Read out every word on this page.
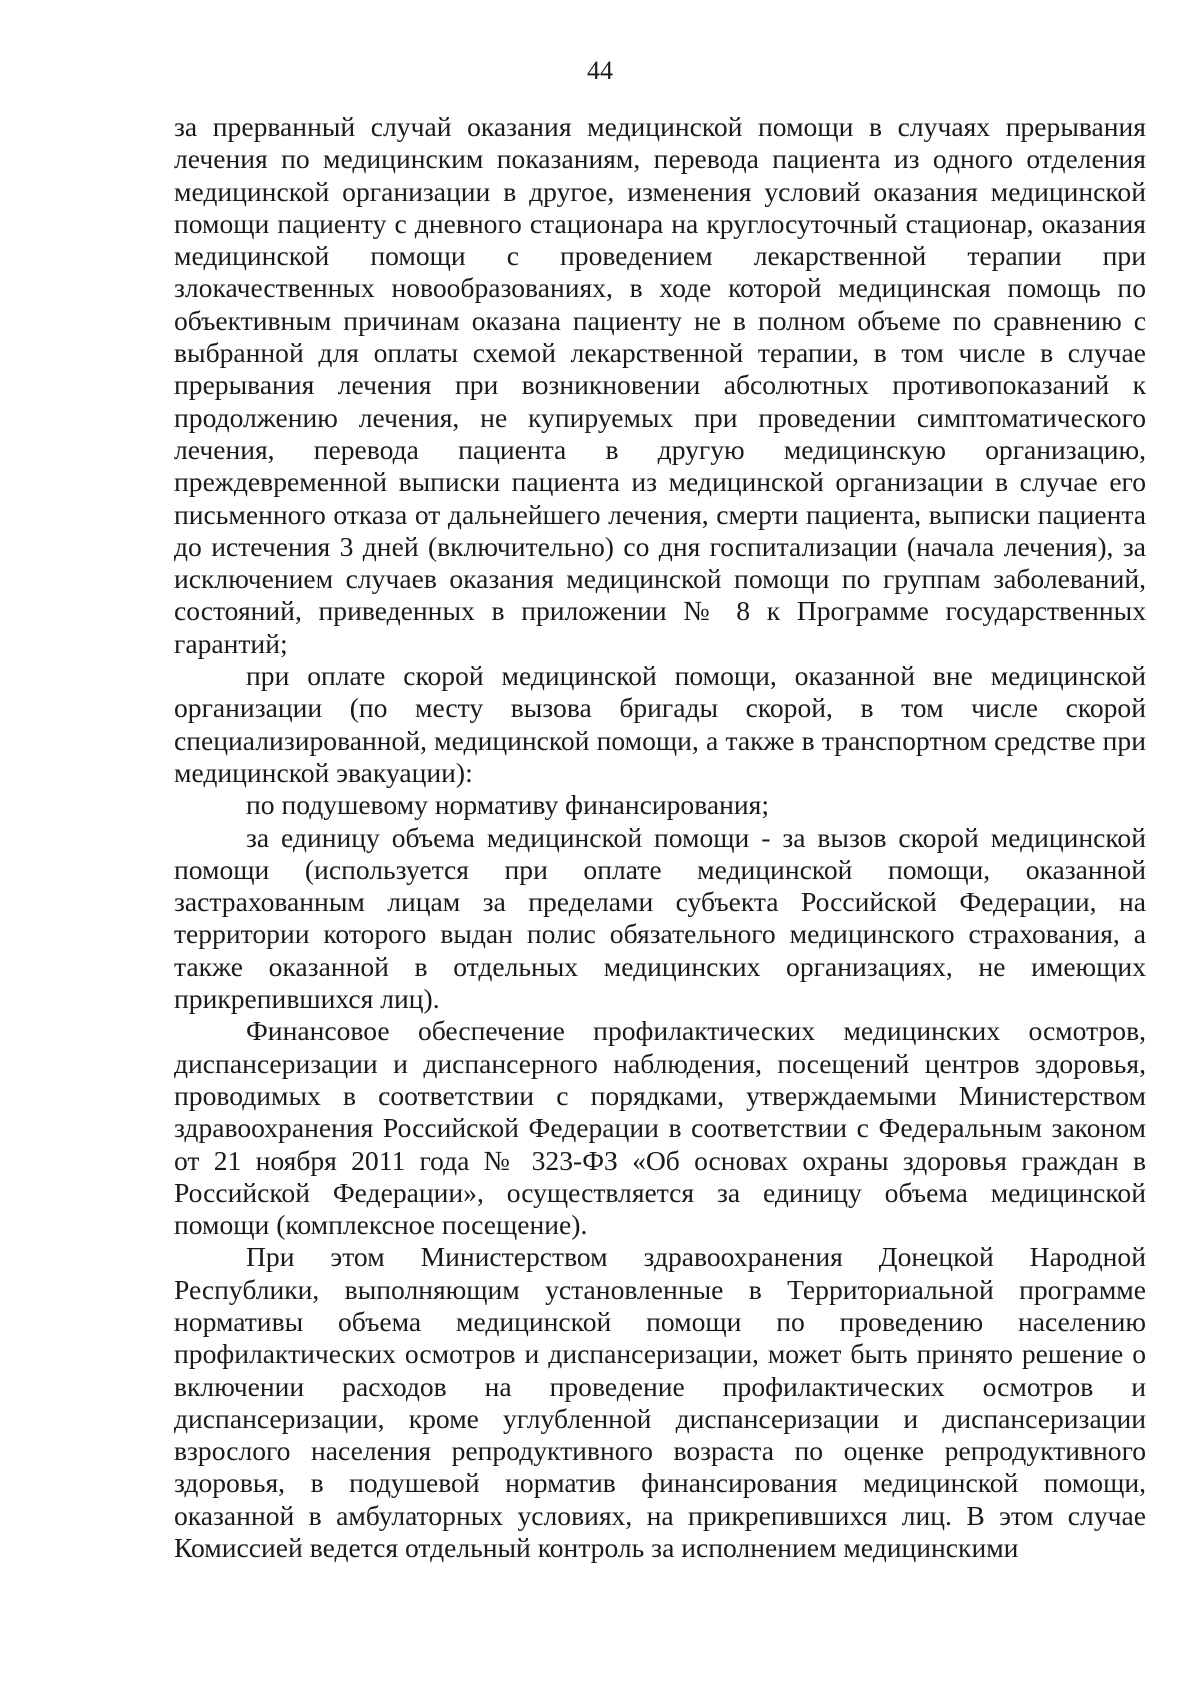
44

за прерванный случай оказания медицинской помощи в случаях прерывания лечения по медицинским показаниям, перевода пациента из одного отделения медицинской организации в другое, изменения условий оказания медицинской помощи пациенту с дневного стационара на круглосуточный стационар, оказания медицинской помощи с проведением лекарственной терапии при злокачественных новообразованиях, в ходе которой медицинская помощь по объективным причинам оказана пациенту не в полном объеме по сравнению с выбранной для оплаты схемой лекарственной терапии, в том числе в случае прерывания лечения при возникновении абсолютных противопоказаний к продолжению лечения, не купируемых при проведении симптоматического лечения, перевода пациента в другую медицинскую организацию, преждевременной выписки пациента из медицинской организации в случае его письменного отказа от дальнейшего лечения, смерти пациента, выписки пациента до истечения 3 дней (включительно) со дня госпитализации (начала лечения), за исключением случаев оказания медицинской помощи по группам заболеваний, состояний, приведенных в приложении № 8 к Программе государственных гарантий;

при оплате скорой медицинской помощи, оказанной вне медицинской организации (по месту вызова бригады скорой, в том числе скорой специализированной, медицинской помощи, а также в транспортном средстве при медицинской эвакуации):

по подушевому нормативу финансирования;

за единицу объема медицинской помощи - за вызов скорой медицинской помощи (используется при оплате медицинской помощи, оказанной застрахованным лицам за пределами субъекта Российской Федерации, на территории которого выдан полис обязательного медицинского страхования, а также оказанной в отдельных медицинских организациях, не имеющих прикрепившихся лиц).

Финансовое обеспечение профилактических медицинских осмотров, диспансеризации и диспансерного наблюдения, посещений центров здоровья, проводимых в соответствии с порядками, утверждаемыми Министерством здравоохранения Российской Федерации в соответствии с Федеральным законом от 21 ноября 2011 года № 323-ФЗ «Об основах охраны здоровья граждан в Российской Федерации», осуществляется за единицу объема медицинской помощи (комплексное посещение).

При этом Министерством здравоохранения Донецкой Народной Республики, выполняющим установленные в Территориальной программе нормативы объема медицинской помощи по проведению населению профилактических осмотров и диспансеризации, может быть принято решение о включении расходов на проведение профилактических осмотров и диспансеризации, кроме углубленной диспансеризации и диспансеризации взрослого населения репродуктивного возраста по оценке репродуктивного здоровья, в подушевой норматив финансирования медицинской помощи, оказанной в амбулаторных условиях, на прикрепившихся лиц. В этом случае Комиссией ведется отдельный контроль за исполнением медицинскими
